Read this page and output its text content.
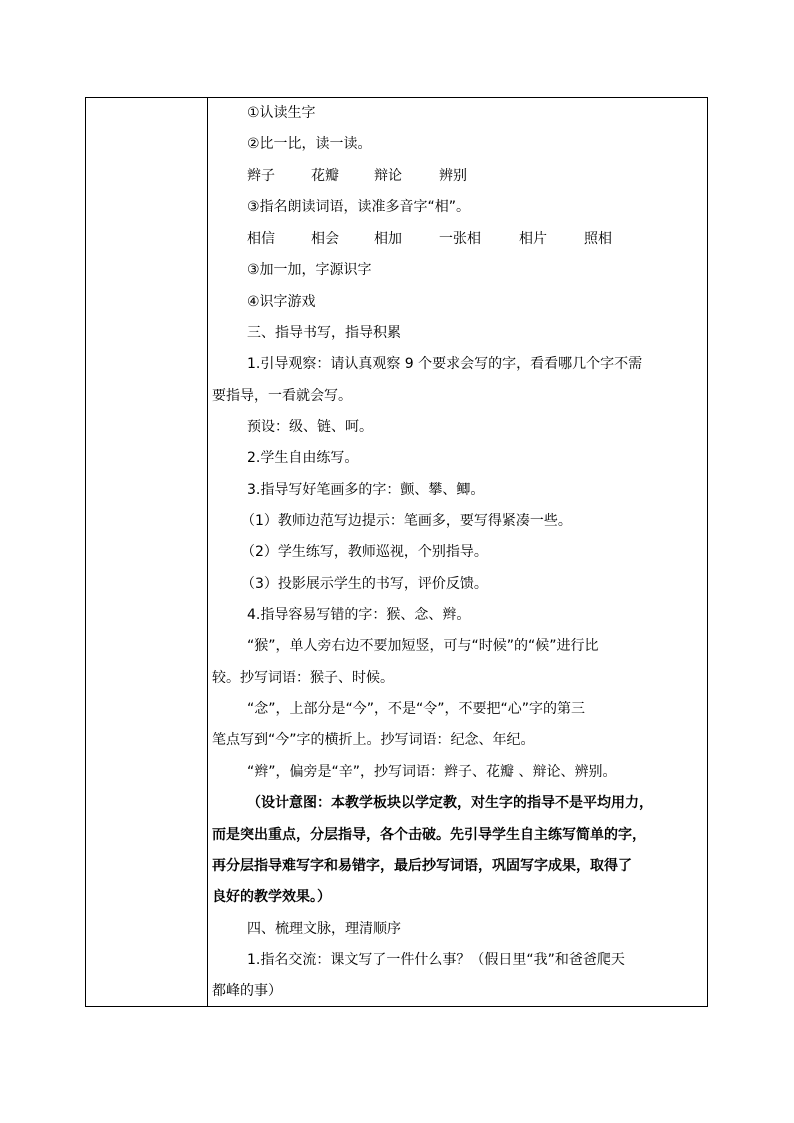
①认读生字
②比一比，读一读。
辫子	花瓣	辩论	辨别
③指名朗读词语，读准多音字“相”。
相信	相会	相加	一张相	相片	照相
③加一加，字源识字
④识字游戏
三、指导书写，指导积累
1.引导观察：请认真观察 9 个要求会写的字，看看哪几个字不需
要指导，一看就会写。
预设：级、链、呵。
2.学生自由练写。
3.指导写好笔画多的字：颤、攀、鲫。
（1）教师边范写边提示：笔画多，要写得紧凑一些。
（2）学生练写，教师巡视，个别指导。
（3）投影展示学生的书写，评价反馈。
4.指导容易写错的字：猴、念、辫。
“猴”，单人旁右边不要加短竖，可与“时候”的“候”进行比
较。抄写词语：猴子、时候。
“念”，上部分是“今”，不是“令”，不要把“心”字的第三
笔点写到“今”字的横折上。抄写词语：纪念、年纪。
“辫”，偏旁是“辛”，抄写词语：辫子、花瓣 、辩论、辨别。
（设计意图：本教学板块以学定教，对生字的指导不是平均用力，
而是突出重点，分层指导，各个击破。先引导学生自主练写简单的字，
再分层指导难写字和易错字，最后抄写词语，巩固写字成果，取得了
良好的教学效果。）
四、梳理文脉，理清顺序
1.指名交流：课文写了一件什么事？（假日里“我”和爸爸爬天
都峰的事）
